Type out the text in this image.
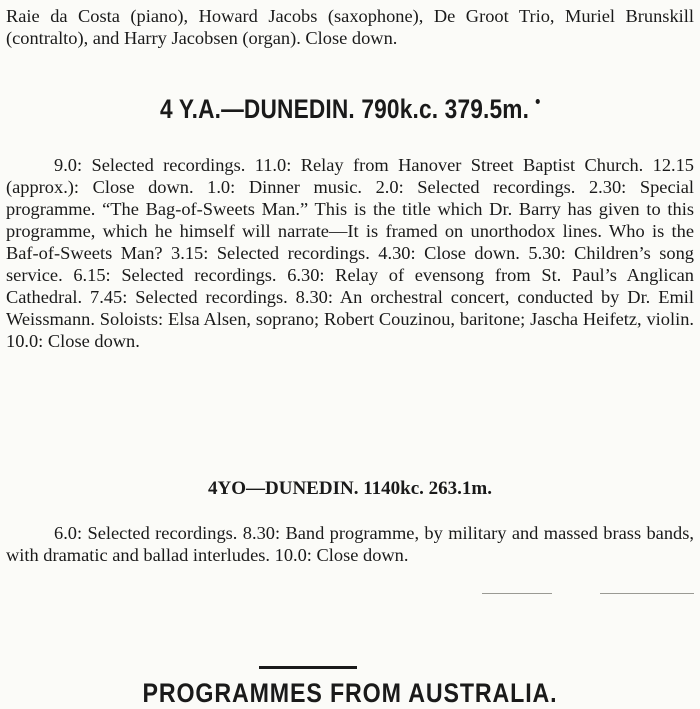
Raie da Costa (piano), Howard Jacobs (saxophone), De Groot Trio, Muriel Brunskill (contralto), and Harry Jacobsen (organ). Close down.

4 Y.A.—DUNEDIN. 790k.c. 379.5m.

9.0: Selected recordings. 11.0: Relay from Hanover Street Baptist Church. 12.15 (approx.): Close down. 1.0: Dinner music. 2.0: Selected recordings. 2.30: Special programme. “The Bag-of-Sweets Man.” This is the title which Dr. Barry has given to this programme, which he himself will narrate—It is framed on unorthodox lines. Who is the Baf-of-Sweets Man? 3.15: Selected recordings. 4.30: Close down. 5.30: Children’s song service. 6.15: Selected recordings. 6.30: Relay of evensong from St. Paul’s Anglican Cathedral. 7.45: Selected recordings. 8.30: An orchestral concert, conducted by Dr. Emil Weissmann. Soloists: Elsa Alsen, soprano; Robert Couzinou, baritone; Jascha Heifetz, violin. 10.0: Close down.

4YO—DUNEDIN. 1140kc. 263.1m.

6.0: Selected recordings. 8.30: Band programme, by military and massed brass bands, with dramatic and ballad interludes. 10.0: Close down.

PROGRAMMES FROM AUSTRALIA.
